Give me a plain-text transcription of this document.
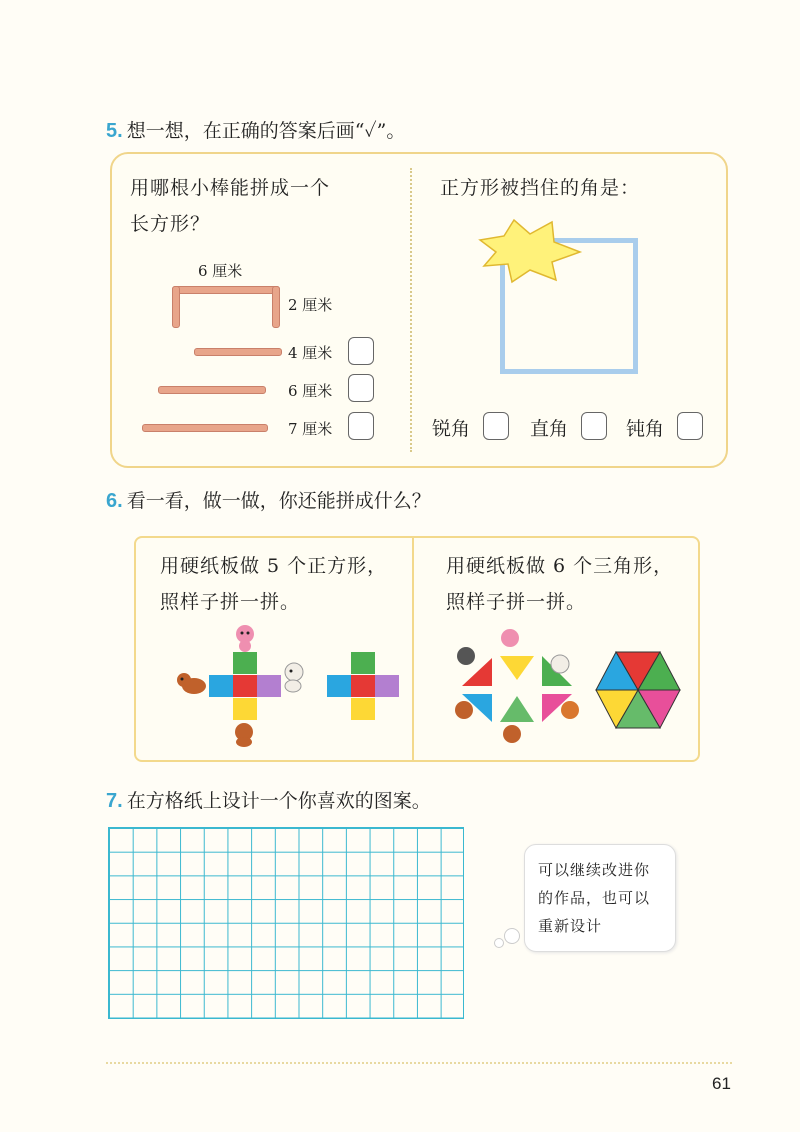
5. 想一想，在正确的答案后画“✓”。
用哪根小棒能拼成一个
长方形？
6 厘米
2 厘米
4 厘米
6 厘米
7 厘米
正方形被挡住的角是：
锐角	直角	钝角
6. 看一看，做一做，你还能拼成什么？
用硬纸板做 5 个正方形，
照样子拼一拼。
用硬纸板做 6 个三角形，
照样子拼一拼。
7. 在方格纸上设计一个你喜欢的图案。
可以继续改进你
的作品，也可以
重新设计
61
